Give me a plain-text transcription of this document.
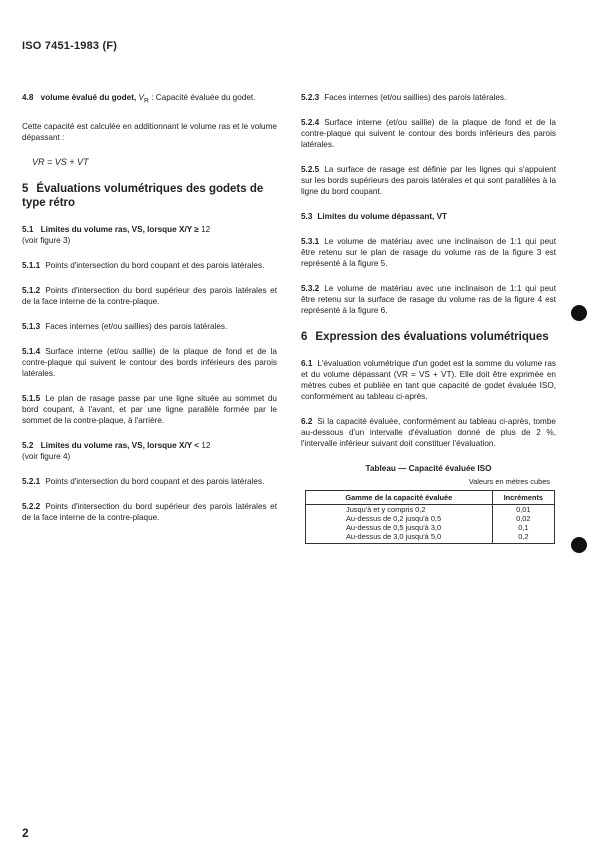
ISO 7451-1983 (F)
4.8 volume évalué du godet, $V_R$ : Capacité évaluée du godet.
Cette capacité est calculée en additionnant le volume ras et le volume dépassant :
VR = VS + VT
5 Évaluations volumétriques des godets de type rétro
5.1 Limites du volume ras, VS, lorsque X/Y ≥ 12
(voir figure 3)
5.1.1 Points d'intersection du bord coupant et des parois latérales.
5.1.2 Points d'intersection du bord supérieur des parois latérales et de la face interne de la contre-plaque.
5.1.3 Faces internes (et/ou saillies) des parois latérales.
5.1.4 Surface interne (et/ou saillie) de la plaque de fond et de la contre-plaque qui suivent le contour des bords inférieurs des parois latérales.
5.1.5 Le plan de rasage passe par une ligne située au sommet du bord coupant, à l'avant, et par une ligne parallèle formée par le sommet de la contre-plaque, à l'arrière.
5.2 Limites du volume ras, VS, lorsque X/Y < 12
(voir figure 4)
5.2.1 Points d'intersection du bord coupant et des parois latérales.
5.2.2 Points d'intersection du bord supérieur des parois latérales et de la face interne de la contre-plaque.
5.2.3 Faces internes (et/ou saillies) des parois latérales.
5.2.4 Surface interne (et/ou saillie) de la plaque de fond et de la contre-plaque qui suivent le contour des bords inférieurs des parois latérales.
5.2.5 La surface de rasage est définie par les lignes qui s'appuient sur les bords supérieurs des parois latérales et qui sont parallèles à la ligne du bord coupant.
5.3 Limites du volume dépassant, VT
5.3.1 Le volume de matériau avec une inclinaison de 1:1 qui peut être retenu sur le plan de rasage du volume ras de la figure 3 est représenté à la figure 5.
5.3.2 Le volume de matériau avec une inclinaison de 1:1 qui peut être retenu sur la surface de rasage du volume ras de la figure 4 est représenté à la figure 6.
6 Expression des évaluations volumétriques
6.1 L'évaluation volumétrique d'un godet est la somme du volume ras et du volume dépassant (VR = VS + VT). Elle doit être exprimée en mètres cubes et publiée en tant que capacité de godet évaluée ISO, conformément au tableau ci-après.
6.2 Si la capacité évaluée, conformément au tableau ci-après, tombe au-dessous d'un intervalle d'évaluation donné de plus de 2 %, l'intervalle inférieur suivant doit constituer l'évaluation.
Tableau — Capacité évaluée ISO
Valeurs en mètres cubes
Gamme de la capacité évaluée	Incréments
Jusqu'à et y compris 0,2	0,01
Au-dessus de 0,2 jusqu'à 0,5	0,02
Au-dessus de 0,5 jusqu'à 3,0	0,1
Au-dessus de 3,0 jusqu'à 5,0	0,2
2
